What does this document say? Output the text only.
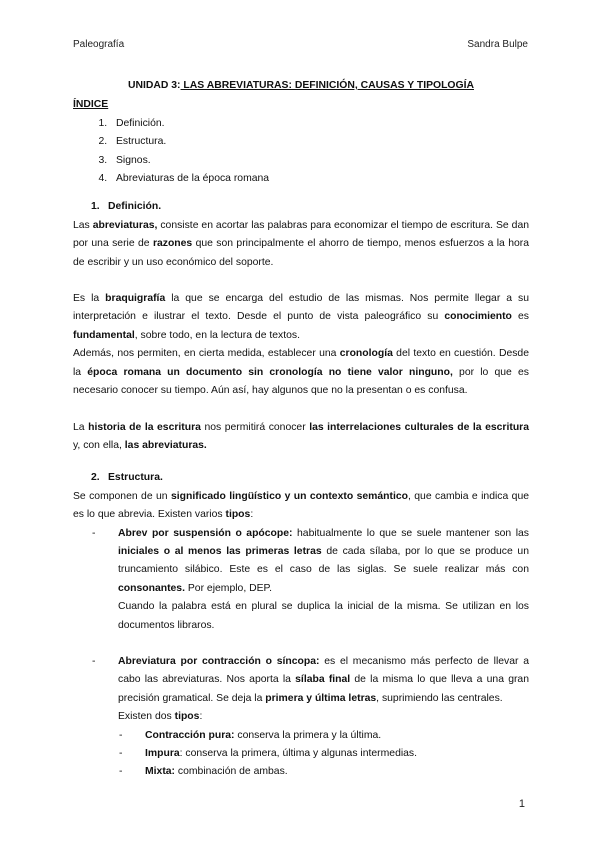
Paleografía	Sandra Bulpe
UNIDAD 3: LAS ABREVIATURAS: DEFINICIÓN, CAUSAS Y TIPOLOGÍA
ÍNDICE
1. Definición.
2. Estructura.
3. Signos.
4. Abreviaturas de la época romana
1. Definición.

Las abreviaturas, consiste en acortar las palabras para economizar el tiempo de escritura. Se dan por una serie de razones que son principalmente el ahorro de tiempo, menos esfuerzos a la hora de escribir y un uso económico del soporte.

Es la braquigrafía la que se encarga del estudio de las mismas. Nos permite llegar a su interpretación e ilustrar el texto. Desde el punto de vista paleográfico su conocimiento es fundamental, sobre todo, en la lectura de textos.

Además, nos permiten, en cierta medida, establecer una cronología del texto en cuestión. Desde la época romana un documento sin cronología no tiene valor ninguno, por lo que es necesario conocer su tiempo. Aún así, hay algunos que no la presentan o es confusa.

La historia de la escritura nos permitirá conocer las interrelaciones culturales de la escritura y, con ella, las abreviaturas.

2. Estructura.

Se componen de un significado lingüístico y un contexto semántico, que cambia e indica que es lo que abrevia. Existen varios tipos:

-	Abrev por suspensión o apócope: habitualmente lo que se suele mantener son las iniciales o al menos las primeras letras de cada sílaba, por lo que se produce un truncamiento silábico. Este es el caso de las siglas. Se suele realizar más con consonantes. Por ejemplo, DEP.

Cuando la palabra está en plural se duplica la inicial de la misma. Se utilizan en los documentos libraros.

-	Abreviatura por contracción o síncopa: es el mecanismo más perfecto de llevar a cabo las abreviaturas. Nos aporta la sílaba final de la misma lo que lleva a una gran precisión gramatical. Se deja la primera y última letras, suprimiendo las centrales.

Existen dos tipos:

-	Contracción pura: conserva la primera y la última.
-	Impura: conserva la primera, última y algunas intermedias.
-	Mixta: combinación de ambas.
1
